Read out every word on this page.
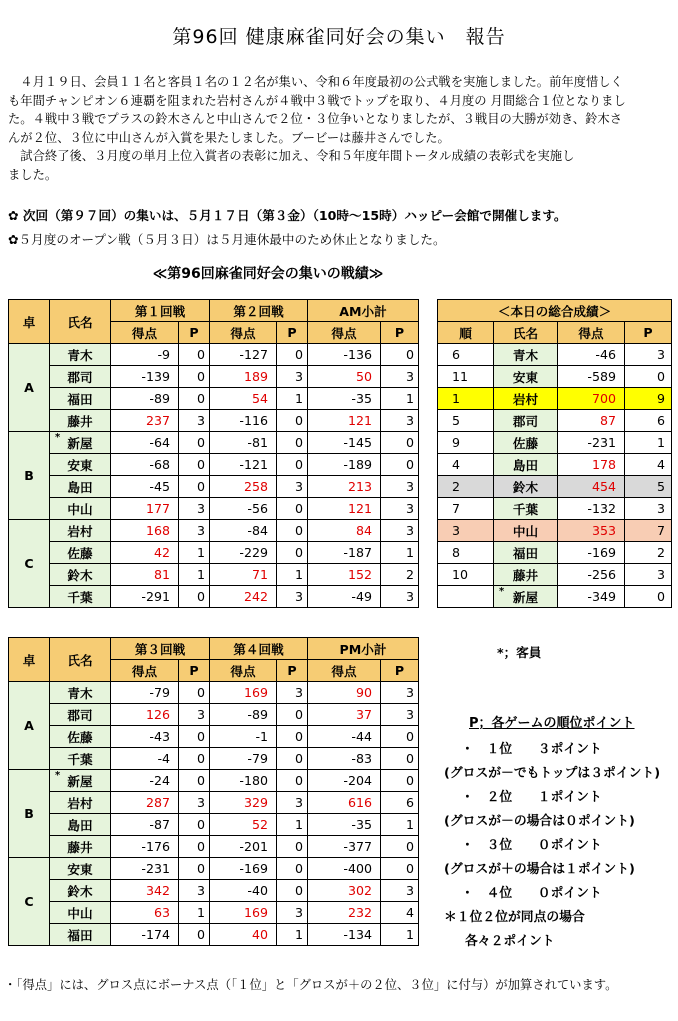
第96回 健康麻雀同好会の集い　報告
４月１９日、会員１１名と客員１名の１２名が集い、令和６年度最初の公式戦を実施しました。前年度惜しく
も年間チャンピオン６連覇を阻まれた岩村さんが４戦中３戦でトップを取り、４月度の 月間総合１位となりまし
た。４戦中３戦でプラスの鈴木さんと中山さんで２位・３位争いとなりましたが、３戦目の大勝が効き、鈴木さ
んが２位、３位に中山さんが入賞を果たしました。ブービーは藤井さんでした。
試合終了後、３月度の単月上位入賞者の表彰に加え、令和５年度年間トータル成績の表彰式を実施し
ました。
✿ 次回（第９７回）の集いは、５月１７日（第３金）（10時～15時）ハッピー会館で開催します。
✿５月度のオープン戦（５月３日）は５月連休最中のため休止となりました。
≪第96回麻雀同好会の集いの戦績≫
卓	氏名	第１回戦		第２回戦		AM小計	
		得点	P	得点	P	得点	P
A	青木	-9	0	-127	0	-136	0
	郡司	-139	0	189	3	50	3
	福田	-89	0	54	1	-35	1
	藤井	237	3	-116	0	121	3
B	* 新屋	-64	0	-81	0	-145	0
	安東	-68	0	-121	0	-189	0
	島田	-45	0	258	3	213	3
	中山	177	3	-56	0	121	3
C	岩村	168	3	-84	0	84	3
	佐藤	42	1	-229	0	-187	1
	鈴木	81	1	71	1	152	2
	千葉	-291	0	242	3	-49	3
卓	氏名	第３回戦		第４回戦		PM小計	
		得点	P	得点	P	得点	P
A	青木	-79	0	169	3	90	3
	郡司	126	3	-89	0	37	3
	佐藤	-43	0	-1	0	-44	0
	千葉	-4	0	-79	0	-83	0
B	* 新屋	-24	0	-180	0	-204	0
	岩村	287	3	329	3	616	6
	島田	-87	0	52	1	-35	1
	藤井	-176	0	-201	0	-377	0
C	安東	-231	0	-169	0	-400	0
	鈴木	342	3	-40	0	302	3
	中山	63	1	169	3	232	4
	福田	-174	0	40	1	-134	1
＜本日の総合成績＞			
順	氏名	得点	P
6	青木	-46	3
11	安東	-589	0
1	岩村	700	9
5	郡司	87	6
9	佐藤	-231	1
4	島田	178	4
2	鈴木	454	5
7	千葉	-132	3
3	中山	353	7
8	福田	-169	2
10	藤井	-256	3

	* 新屋	-349	0
*；客員
P；各ゲームの順位ポイント
・　１位　　３ポイント
(グロスが－でもトップは３ポイント)
・　２位　　１ポイント
(グロスが－の場合は０ポイント)
・　３位　　０ポイント
(グロスが＋の場合は１ポイント)
・　４位　　０ポイント
＊１位２位が同点の場合
各々２ポイント
・「得点」には、グロス点にボーナス点（「１位」と「グロスが＋の２位、３位」に付与）が加算されています。
